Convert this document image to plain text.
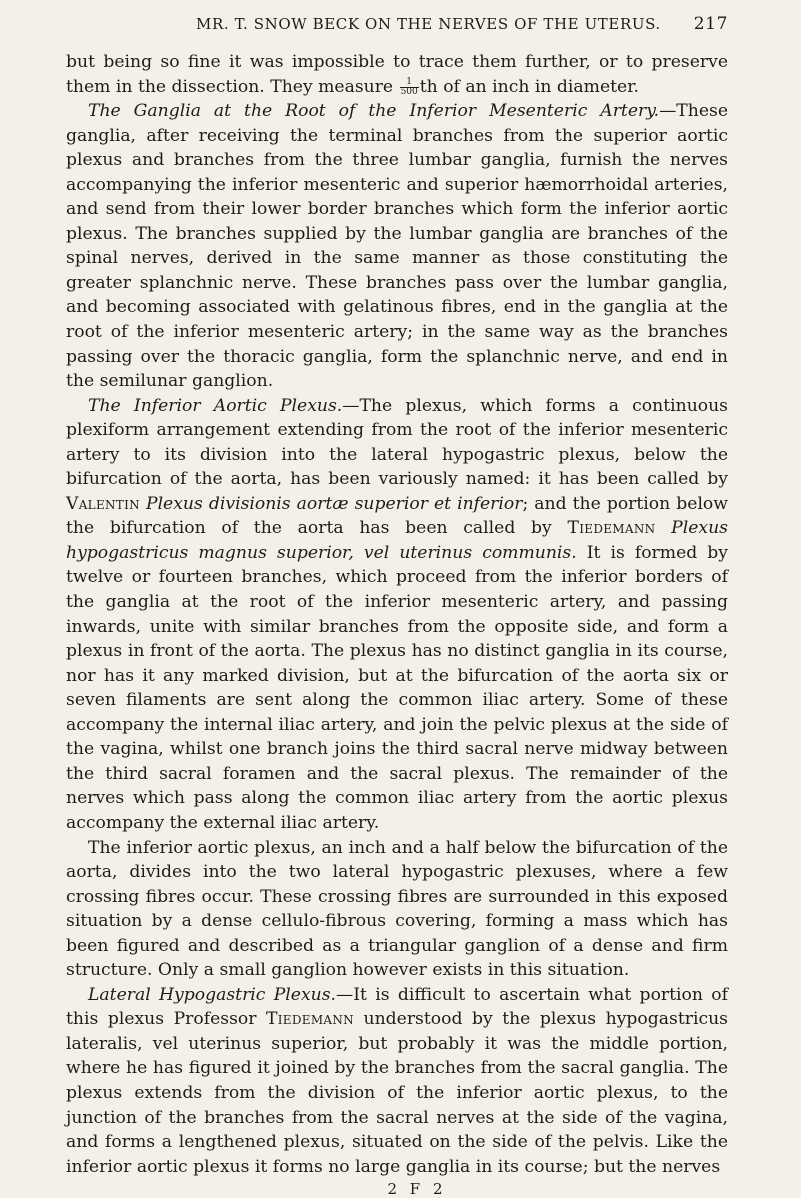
MR. T. SNOW BECK ON THE NERVES OF THE UTERUS. 217

but being so fine it was impossible to trace them further, or to preserve them in the dissection. They measure $\frac{1}{500}$ th of an inch in diameter.

The Ganglia at the Root of the Inferior Mesenteric Artery.—These ganglia, after receiving the terminal branches from the superior aortic plexus and branches from the three lumbar ganglia, furnish the nerves accompanying the inferior mesenteric and superior hæmorrhoidal arteries, and send from their lower border branches which form the inferior aortic plexus. The branches supplied by the lumbar ganglia are branches of the spinal nerves, derived in the same manner as those constituting the greater splanchnic nerve. These branches pass over the lumbar ganglia, and becoming associated with gelatinous fibres, end in the ganglia at the root of the inferior mesenteric artery; in the same way as the branches passing over the thoracic ganglia, form the splanchnic nerve, and end in the semilunar ganglion.

The Inferior Aortic Plexus.—The plexus, which forms a continuous plexiform arrangement extending from the root of the inferior mesenteric artery to its division into the lateral hypogastric plexus, below the bifurcation of the aorta, has been variously named: it has been called by Valentin Plexus divisionis aortæ superior et inferior; and the portion below the bifurcation of the aorta has been called by Tiedemann Plexus hypogastricus magnus superior, vel uterinus communis. It is formed by twelve or fourteen branches, which proceed from the inferior borders of the ganglia at the root of the inferior mesenteric artery, and passing inwards, unite with similar branches from the opposite side, and form a plexus in front of the aorta. The plexus has no distinct ganglia in its course, nor has it any marked division, but at the bifurcation of the aorta six or seven filaments are sent along the common iliac artery. Some of these accompany the internal iliac artery, and join the pelvic plexus at the side of the vagina, whilst one branch joins the third sacral nerve midway between the third sacral foramen and the sacral plexus. The remainder of the nerves which pass along the common iliac artery from the aortic plexus accompany the external iliac artery.

The inferior aortic plexus, an inch and a half below the bifurcation of the aorta, divides into the two lateral hypogastric plexuses, where a few crossing fibres occur. These crossing fibres are surrounded in this exposed situation by a dense cellulo-fibrous covering, forming a mass which has been figured and described as a triangular ganglion of a dense and firm structure. Only a small ganglion however exists in this situation.

Lateral Hypogastric Plexus.—It is difficult to ascertain what portion of this plexus Professor Tiedemann understood by the plexus hypogastricus lateralis, vel uterinus superior, but probably it was the middle portion, where he has figured it joined by the branches from the sacral ganglia. The plexus extends from the division of the inferior aortic plexus, to the junction of the branches from the sacral nerves at the side of the vagina, and forms a lengthened plexus, situated on the side of the pelvis. Like the inferior aortic plexus it forms no large ganglia in its course; but the nerves

2 F 2
